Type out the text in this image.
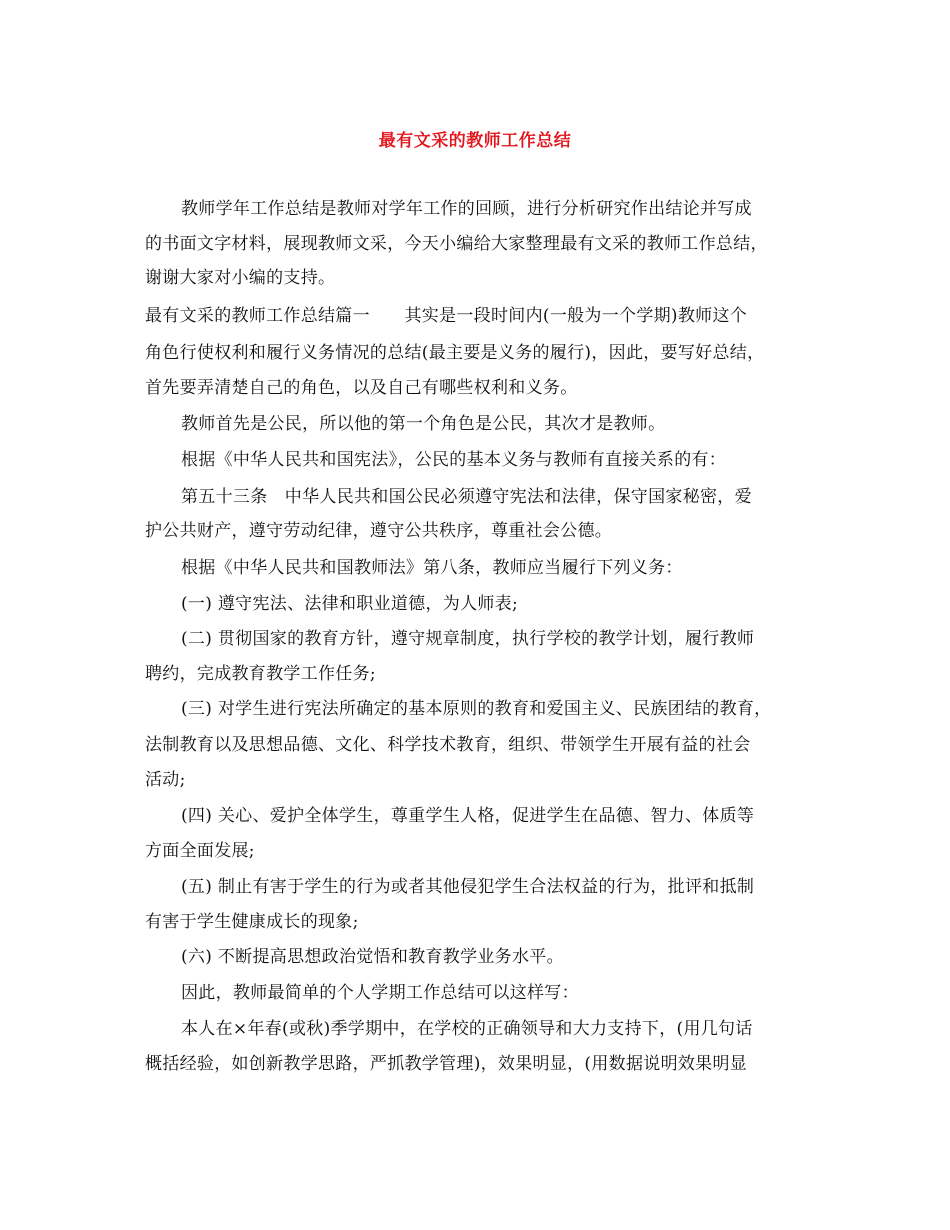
最有文采的教师工作总结
教师学年工作总结是教师对学年工作的回顾，进行分析研究作出结论并写成
的书面文字材料，展现教师文采，今天小编给大家整理最有文采的教师工作总结，
谢谢大家对小编的支持。
最有文采的教师工作总结篇一　　其实是一段时间内(一般为一个学期)教师这个
角色行使权利和履行义务情况的总结(最主要是义务的履行)，因此，要写好总结，
首先要弄清楚自己的角色，以及自己有哪些权利和义务。
教师首先是公民，所以他的第一个角色是公民，其次才是教师。
根据《中华人民共和国宪法》，公民的基本义务与教师有直接关系的有：
第五十三条　中华人民共和国公民必须遵守宪法和法律，保守国家秘密，爱
护公共财产，遵守劳动纪律，遵守公共秩序，尊重社会公德。
根据《中华人民共和国教师法》第八条，教师应当履行下列义务：
(一) 遵守宪法、法律和职业道德，为人师表;
(二) 贯彻国家的教育方针，遵守规章制度，执行学校的教学计划，履行教师
聘约，完成教育教学工作任务;
(三) 对学生进行宪法所确定的基本原则的教育和爱国主义、民族团结的教育，
法制教育以及思想品德、文化、科学技术教育，组织、带领学生开展有益的社会
活动;
(四) 关心、爱护全体学生，尊重学生人格，促进学生在品德、智力、体质等
方面全面发展;
(五) 制止有害于学生的行为或者其他侵犯学生合法权益的行为，批评和抵制
有害于学生健康成长的现象;
(六) 不断提高思想政治觉悟和教育教学业务水平。
因此，教师最简单的个人学期工作总结可以这样写：
本人在×年春(或秋)季学期中，在学校的正确领导和大力支持下，(用几句话
概括经验，如创新教学思路，严抓教学管理)，效果明显，(用数据说明效果明显
